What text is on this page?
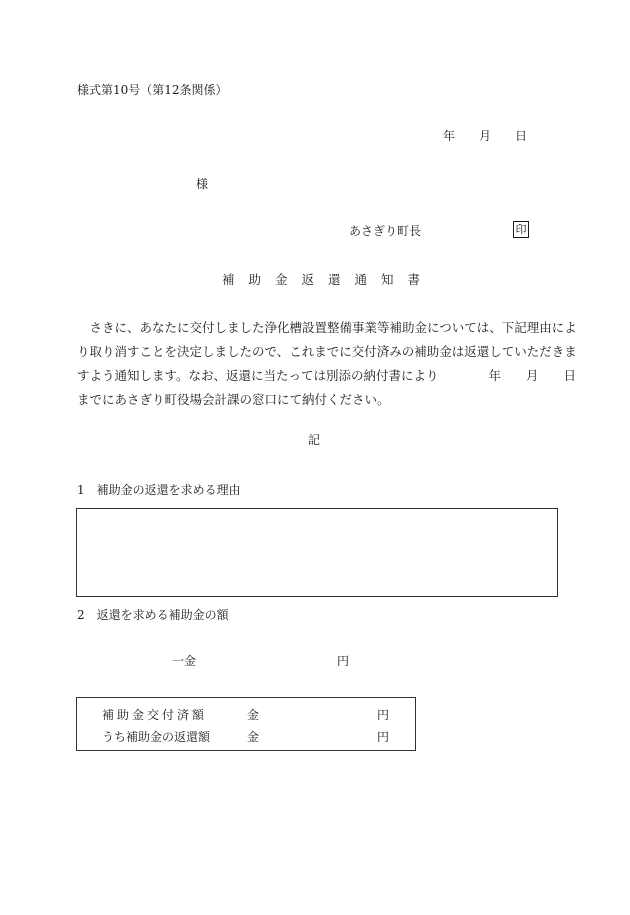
様式第10号（第12条関係）
年 月 日
様
あさぎり町長	印
補助金返還通知書
　さきに、あなたに交付しました浄化槽設置整備事業等補助金については、下記理由によ
り取り消すことを決定しましたので、これまでに交付済みの補助金は返還していただきま
すよう通知します。なお、返還に当たっては別添の納付書により　　　　年　　月　　日
までにあさぎり町役場会計課の窓口にて納付ください。
記
1　補助金の返還を求める理由
2　返還を求める補助金の額
一金	円
補助金交付済額	金	円
うち補助金の返還額	金	円
